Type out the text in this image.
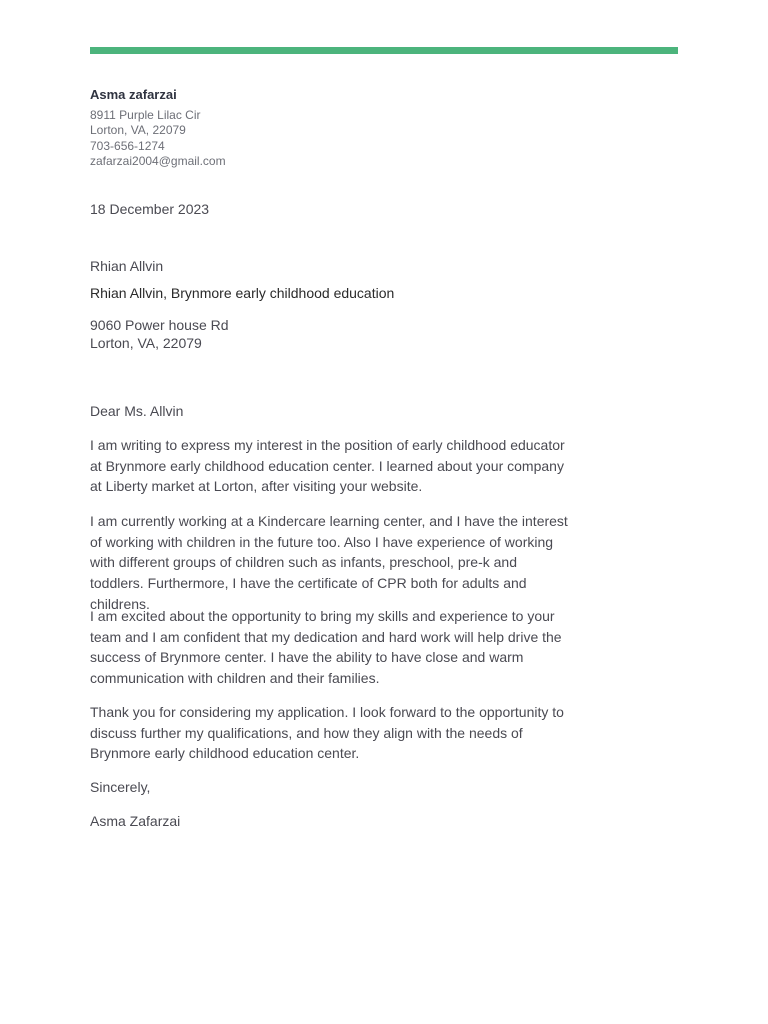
Asma zafarzai
8911 Purple Lilac Cir
Lorton, VA, 22079
703-656-1274
zafarzai2004@gmail.com
18 December 2023
Rhian Allvin
Rhian Allvin, Brynmore early childhood education
9060 Power house Rd
Lorton, VA, 22079
Dear Ms. Allvin
I am writing to express my interest in the position of early childhood educator at Brynmore early childhood education center. I learned about your company at Liberty market at Lorton, after visiting your website.
I am currently working at a Kindercare learning center, and I have the interest of working with children in the future too. Also I have experience of working with different groups of children such as infants, preschool, pre-k and toddlers. Furthermore, I have the certificate of CPR both for adults and childrens.
I am excited about the opportunity to bring my skills and experience to your team and I am confident that my dedication and hard work will help drive the success of Brynmore center. I have the ability to have close and warm communication with children and their families.
Thank you for considering my application. I look forward to the opportunity to discuss further my qualifications, and how they align with the needs of Brynmore early childhood education center.
Sincerely,
Asma Zafarzai
